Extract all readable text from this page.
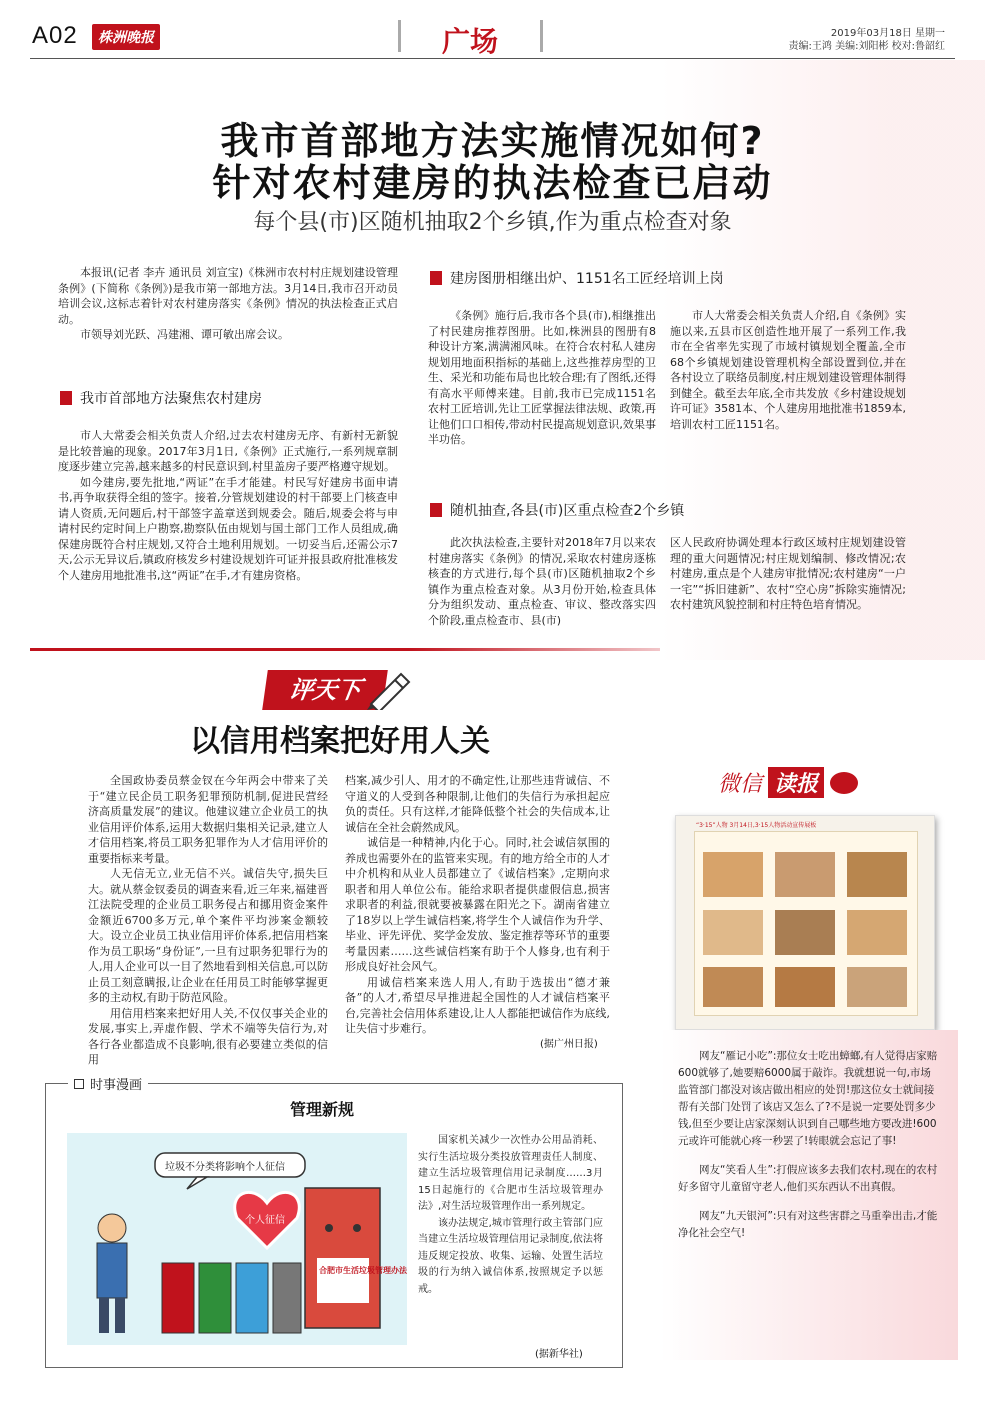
A02	株洲晚报	广场	2019年03月18日 星期一
责编:王鸿 美编:刘阳彬 校对:鲁韶红
我市首部地方法实施情况如何?
针对农村建房的执法检查已启动
每个县(市)区随机抽取2个乡镇,作为重点检查对象

本报讯(记者 李卉 通讯员 刘宣宝)《株洲市农村村庄规划建设管理条例》(下简称《条例》)是我市第一部地方法。3月14日,我市召开动员培训会议,这标志着针对农村建房落实《条例》情况的执法检查正式启动。

市领导刘光跃、冯建湘、谭可敏出席会议。

我市首部地方法聚焦农村建房

市人大常委会相关负责人介绍,过去农村建房无序、有新村无新貌是比较普遍的现象。2017年3月1日,《条例》正式施行,一系列规章制度逐步建立完善,越来越多的村民意识到,村里盖房子要严格遵守规划。

如今建房,要先批地,“两证”在手才能建。村民写好建房书面申请书,再争取获得全组的签字。接着,分管规划建设的村干部要上门核查申请人资质,无问题后,村干部签字盖章送到规委会。随后,规委会将与申请村民约定时间上户勘察,勘察队伍由规划与国土部门工作人员组成,确保建房既符合村庄规划,又符合土地利用规划。一切妥当后,还需公示7天,公示无异议后,镇政府核发乡村建设规划许可证并报县政府批准核发个人建房用地批准书,这“两证”在手,才有建房资格。

建房图册相继出炉、1151名工匠经培训上岗

《条例》施行后,我市各个县(市),相继推出了村民建房推荐图册。比如,株洲县的图册有8种设计方案,满满湘风味。在符合农村私人建房规划用地面积指标的基础上,这些推荐房型的卫生、采光和功能布局也比较合理;有了图纸,还得有高水平师傅来建。目前,我市已完成1151名农村工匠培训,先让工匠掌握法律法规、政策,再让他们口口相传,带动村民提高规划意识,效果事半功倍。

市人大常委会相关负责人介绍,自《条例》实施以来,五县市区创造性地开展了一系列工作,我市在全省率先实现了市域村镇规划全覆盖,全市68个乡镇规划建设管理机构全部设置到位,并在各村设立了联络员制度,村庄规划建设管理体制得到健全。截至去年底,全市共发放《乡村建设规划许可证》3581本、个人建房用地批准书1859本,培训农村工匠1151名。

随机抽查,各县(市)区重点检查2个乡镇

此次执法检查,主要针对2018年7月以来农村建房落实《条例》的情况,采取农村建房逐栋核查的方式进行,每个县(市)区随机抽取2个乡镇作为重点检查对象。从3月份开始,检查具体分为组织发动、重点检查、审议、整改落实四个阶段,重点检查市、县(市)

区人民政府协调处理本行政区域村庄规划建设管理的重大问题情况;村庄规划编制、修改情况;农村建房,重点是个人建房审批情况;农村建房“一户一宅”“拆旧建新”、农村“空心房”拆除实施情况;农村建筑风貌控制和村庄特色培育情况。

评天下
以信用档案把好用人关

全国政协委员蔡金钗在今年两会中带来了关于“建立民企员工职务犯罪预防机制,促进民营经济高质量发展”的建议。他建议建立企业员工的执业信用评价体系,运用大数据归集相关记录,建立人才信用档案,将员工职务犯罪作为人才信用评价的重要指标来考量。

人无信无立,业无信不兴。诚信失守,损失巨大。就从蔡金钗委员的调查来看,近三年来,福建晋江法院受理的企业员工职务侵占和挪用资金案件金额近6700多万元,单个案件平均涉案金额较大。设立企业员工执业信用评价体系,把信用档案作为员工职场“身份证”,一旦有过职务犯罪行为的人,用人企业可以一目了然地看到相关信息,可以防止员工刻意瞒报,让企业在任用员工时能够掌握更多的主动权,有助于防范风险。

用信用档案来把好用人关,不仅仅事关企业的发展,事实上,弄虚作假、学术不端等失信行为,对各行各业都造成不良影响,很有必要建立类似的信用

档案,减少引人、用才的不确定性,让那些违背诚信、不守道义的人受到各种限制,让他们的失信行为承担起应负的责任。只有这样,才能降低整个社会的失信成本,让诚信在全社会蔚然成风。

诚信是一种精神,内化于心。同时,社会诚信氛围的养成也需要外在的监管来实现。有的地方给全市的人才中介机构和从业人员都建立了《诚信档案》,定期向求职者和用人单位公布。能给求职者提供虚假信息,损害求职者的利益,很就要被暴露在阳光之下。湖南省建立了18岁以上学生诚信档案,将学生个人诚信作为升学、毕业、评先评优、奖学金发放、鉴定推荐等环节的重要考量因素……这些诚信档案有助于个人修身,也有利于形成良好社会风气。

用诚信档案来选人用人,有助于选拔出“德才兼备”的人才,希望尽早推进起全国性的人才诚信档案平台,完善社会信用体系建设,让人人都能把诚信作为底线,让失信寸步难行。

(据广州日报)
微信 读报
“3·15”人物 3月14日,3·15人物活动宣传展板

网友“雁记小吃”:那位女士吃出蟑螂,有人觉得店家赔600就够了,她要赔6000属于敲诈。我就想说一句,市场监管部门都没对该店做出相应的处罚!那这位女士就间接帮有关部门处罚了该店又怎么了?不是说一定要处罚多少钱,但至少要让店家深刻认识到自己哪些地方要改进!600元或许可能就心疼一秒罢了!转眼就会忘记了事!

网友“笑看人生”:打假应该多去我们农村,现在的农村好多留守儿童留守老人,他们买东西认不出真假。

网友“九天银河”:只有对这些害群之马重拳出击,才能净化社会空气!

时事漫画
管理新规
垃圾不分类将影响个人征信
个人征信
合肥市生活垃圾管理办法

国家机关减少一次性办公用品消耗、实行生活垃圾分类投放管理责任人制度、建立生活垃圾管理信用记录制度……3月15日起施行的《合肥市生活垃圾管理办法》,对生活垃圾管理作出一系列规定。

该办法规定,城市管理行政主管部门应当建立生活垃圾管理信用记录制度,依法将违反规定投放、收集、运输、处置生活垃圾的行为纳入诚信体系,按照规定予以惩戒。

(据新华社)
